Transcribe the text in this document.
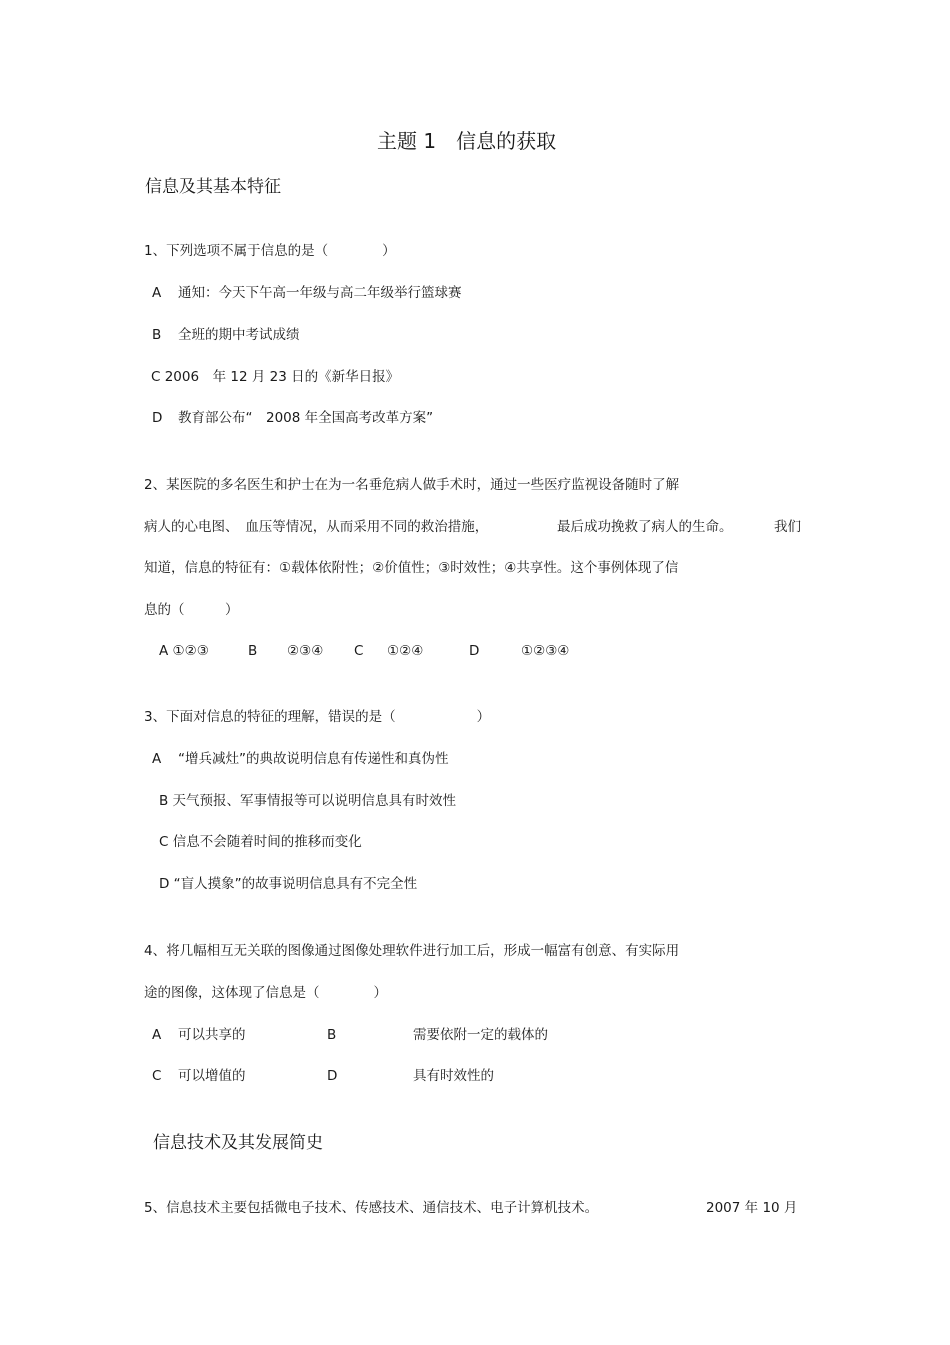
主题 1　信息的获取
信息及其基本特征
1、下列选项不属于信息的是（　　　　）
A 通知：今天下午高一年级与高二年级举行篮球赛
B 全班的期中考试成绩
C 2006　年 12 月 23 日的《新华日报》
D 教育部公布“　2008 年全国高考改革方案”
2、某医院的多名医生和护士在为一名垂危病人做手术时，通过一些医疗监视设备随时了解
病人的心电图、　血压等情况，从而采用不同的救治措施，	最后成功挽救了病人的生命。	我们
知道，信息的特征有：①载体依附性；②价值性；③时效性；④共享性。这个事例体现了信
息的（　　　）
A ①②③	B ②③④ C ①②④	D	①②③④
3、下面对信息的特征的理解，错误的是（　　　　　　）
A “增兵减灶”的典故说明信息有传递性和真伪性
B 天气预报、军事情报等可以说明信息具有时效性
C 信息不会随着时间的推移而变化
D “盲人摸象”的故事说明信息具有不完全性
4、将几幅相互无关联的图像通过图像处理软件进行加工后，形成一幅富有创意、有实际用
途的图像，这体现了信息是（　　　　）
A 可以共享的	B	需要依附一定的载体的
C 可以增值的	D	具有时效性的
信息技术及其发展简史
5、信息技术主要包括微电子技术、传感技术、通信技术、电子计算机技术。	2007 年 10 月
